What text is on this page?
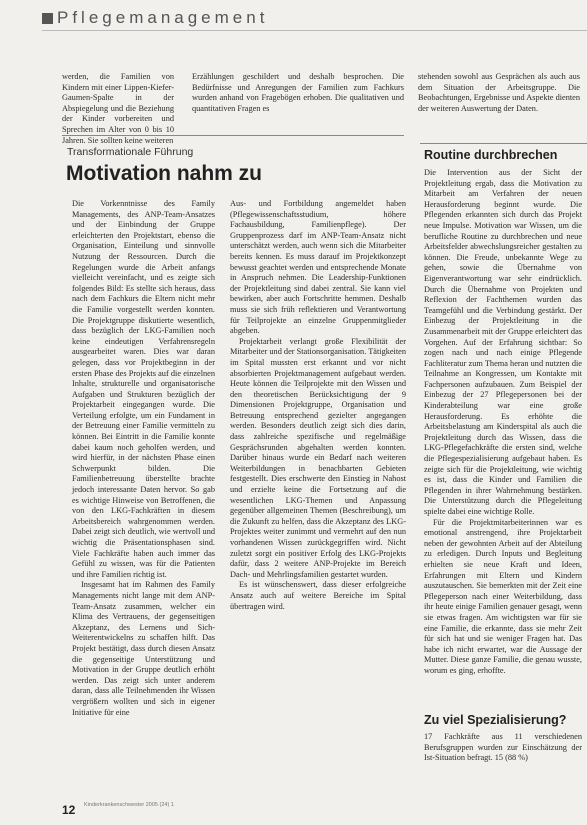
Pflegemanagement

werden, die Familien von Kindern mit einer Lippen-Kiefer-Gaumen-Spalte in der Abspiegelung und die Beziehung der Kinder vorbereiten und Sprechen im Alter von 0 bis 10 Jahren. Sie sollten keine weiteren

Erzählungen geschildert und deshalb besprochen. Die Bedürfnisse und Anregungen der Familien zum Fachkurs wurden anhand von Fragebögen erhoben. Die qualitativen und quantitativen Fragen es

stehenden sowohl aus Gesprächen als auch aus dem Situation der Arbeitsgruppe. Die Beobachtungen, Ergebnisse und Aspekte dienten der weiteren Auswertung der Daten.

Transformationale Führung
Motivation nahm zu

Die Vorkenntnisse des Family Managements, des ANP-Team-Ansatzes und der Einbindung der Gruppe erleichterten den Projektstart, ebenso die Organisation, Einteilung und sinnvolle Nutzung der Ressourcen. Durch die Regelungen wurde die Arbeit anfangs vielleicht vereinfacht, und es zeigte sich folgendes Bild: Es stellte sich heraus, dass nach dem Fachkurs die Eltern nicht mehr die Familie vorgestellt werden konnten. Die Projektgruppe diskutierte wesentlich, dass bezüglich der LKG-Familien noch keine eindeutigen Verfahrensregeln ausgearbeitet waren. Dies war daran gelegen, dass vor Projektbeginn in der ersten Phase des Projekts auf die einzelnen Inhalte, strukturelle und organisatorische Aufgaben und Strukturen bezüglich der Projektarbeit eingegangen wurde. Die Verteilung erfolgte, um ein Fundament in der Betreuung einer Familie vermitteln zu können. Bei Eintritt in die Familie konnte dabei kaum noch geholfen werden, und wird hierfür, in der nächsten Phase einen Schwerpunkt bilden. Die Familienbetreuung überstellte brachte jedoch interessante Daten hervor. So gab es wichtige Hinweise von Betroffenen, die von den LKG-Fachkräften in diesem Arbeitsbereich wahrgenommen werden. Dabei zeigt sich deutlich, wie wertvoll und wichtig die Präsentationsphasen sind. Viele Fachkräfte haben auch immer das Gefühl zu wissen, was für die Patienten und ihre Familien richtig ist.

Insgesamt hat im Rahmen des Family Managements nicht lange mit dem ANP-Team-Ansatz zusammen, welcher ein Klima des Vertrauens, der gegenseitigen Akzeptanz, des Lernens und Sich-Weiterentwickelns zu schaffen hilft. Das Projekt bestätigt, dass durch diesen Ansatz die gegenseitige Unterstützung und Motivation in der Gruppe deutlich erhöht werden. Das zeigt sich unter anderem daran, dass alle Teilnehmenden ihr Wissen vergrößern wollten und sich in eigener Initiative für eine

Aus- und Fortbildung angemeldet haben (Pflegewissenschaftsstudium, höhere Fachausbildung, Familienpflege). Der Gruppenprozess darf im ANP-Team-Ansatz nicht unterschätzt werden, auch wenn sich die Mitarbeiter bereits kennen. Es muss darauf im Projektkonzept bewusst geachtet werden und entsprechende Monate in Anspruch nehmen. Die Leadership-Funktionen der Projektleitung sind dabei zentral. Sie kann viel bewirken, aber auch Fortschritte hemmen. Deshalb muss sie sich früh reflektieren und Verantwortung für Teilprojekte an einzelne Gruppenmitglieder abgeben.

Projektarbeit verlangt große Flexibilität der Mitarbeiter und der Stationsorganisation. Tätigkeiten im Spital mussten erst erkannt und vor nicht absorbierten Projektmanagement aufgebaut werden. Heute können die Teilprojekte mit den Wissen und den theoretischen Berücksichtigung der 9 Dimensionen Projektgruppe, Organisation und Betreuung entsprechend gezielter angegangen werden. Besonders deutlich zeigt sich dies darin, dass zahlreiche spezifische und regelmäßige Gesprächsrunden abgehalten werden konnten. Darüber hinaus wurde ein Bedarf nach weiteren Weiterbildungen in benachbarten Gebieten festgestellt. Dies erschwerte den Einstieg in Nahost und erzielte keine die Fortsetzung auf die wesentlichen LKG-Themen und Anpassung gegenüber allgemeinen Themen (Beschreibung), um die Zukunft zu helfen, dass die Akzeptanz des LKG-Projektes weiter zunimmt und vermehrt auf den nun vorhandenen Wissen zurückgegriffen wird. Nicht zuletzt sorgt ein positiver Erfolg des LKG-Projekts dafür, dass 2 weitere ANP-Projekte im Bereich Dach- und Mehrlingsfamilien gestartet wurden.

Es ist wünschenswert, dass dieser erfolgreiche Ansatz auch auf weitere Bereiche im Spital übertragen wird.

Routine durchbrechen

Die Intervention aus der Sicht der Projektleitung ergab, dass die Motivation zu Mitarbeit am Verfahren der neuen Herausforderung beginnt wurde. Die Pflegenden erkannten sich durch das Projekt neue Impulse. Motivation war Wissen, um die berufliche Routine zu durchbrechen und neue Arbeitsfelder abwechslungsreicher gestalten zu können. Die Freude, unbekannte Wege zu gehen, sowie die Übernahme von Eigenverantwortung war sehr eindrücklich. Durch die Übernahme von Projekten und Reflexion der Fachthemen wurden das Teamgefühl und die Verbindung gestärkt. Der Einbezug der Projektleitung in die Zusammenarbeit mit der Gruppe erleichtert das Vorgehen. Auf der Erfahrung sichtbar: So zogen nach und nach einige Pflegende Fachliteratur zum Thema heran und nutzten die Teilnahme an Kongressen, um Kontakte mit Fachpersonen aufzubauen. Zum Beispiel der Einbezug der 27 Pflegepersonen bei der Kinderabteilung war eine große Herausforderung. Es erhöhte die Arbeitsbelastung am Kinderspital als auch die Projektleitung durch das Wissen, dass die LKG-Pflegefachkräfte die ersten sind, welche die Pflegespezialisierung aufgebaut haben. Es zeigte sich für die Projektleitung, wie wichtig es ist, dass die Kinder und Familien die Pflegenden in ihrer Wahrnehmung bestärken. Die Unterstützung durch die Pflegeleitung spielte dabei eine wichtige Rolle.

Für die Projektmitarbeiterinnen war es emotional anstrengend, ihre Projektarbeit neben der gewohnten Arbeit auf der Abteilung zu erledigen. Durch Inputs und Begleitung erhielten sie neue Kraft und Ideen, Erfahrungen mit Eltern und Kindern auszutauschen. Sie bemerkten mit der Zeit eine Pflegeperson nach einer Weiterbildung, dass ihr heute einige Familien genauer gesagt, wenn sie etwas fragen. Am wichtigsten war für sie eine Familie, die erkannte, dass sie mehr Zeit für sich hat und sie weniger Fragen hat. Das habe ich nicht erwartet, war die Aussage der Mutter. Diese ganze Familie, die genau wusste, worum es ging, erhoffte.

Zu viel Spezialisierung?

17 Fachkräfte aus 11 verschiedenen Berufsgruppen wurden zur Einschätzung der Ist-Situation befragt. 15 (88 %)

12 Kinderkrankenschwester 2005 (24) 1
